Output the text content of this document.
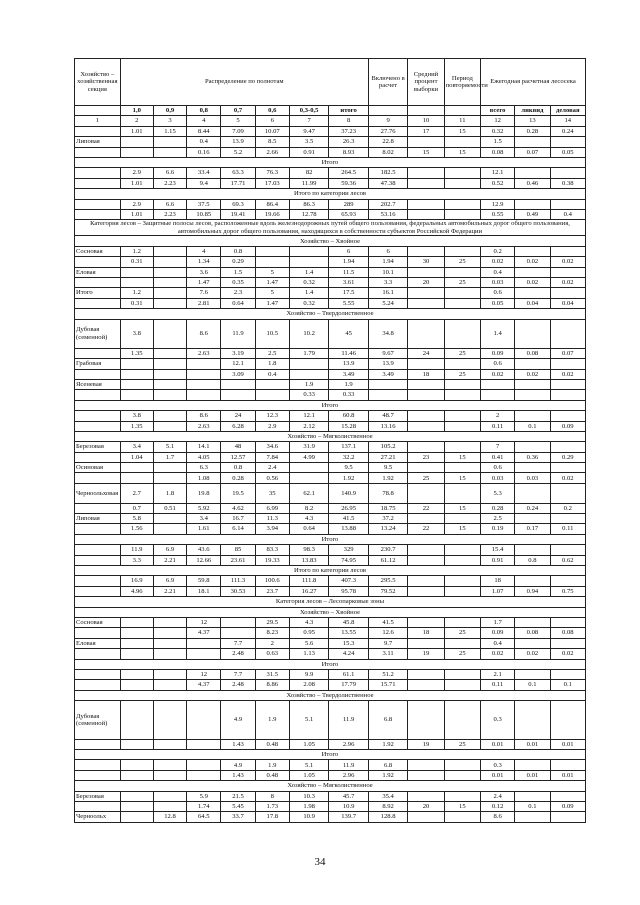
Хозяйство – хозяйственная секция	Распределение по полнотам							Включено в расчет	Средний процент выборки	Период повторяемости	Ежегодная расчетная лесосека		
	1,0	0,9	0,8	0,7	0,6	0,3-0,5	итого				всего	ликвид	деловая
1	2	3	4	5	6	7	8	9	10	11	12	13	14
	1.01	1.15	8.44	7.09	10.07	9.47	37.23	27.76	17	15	0.32	0.28	0.24
Липовая			0.4	13.9	8.5	3.5	26.3	22.8			1.5		
			0.16	5.2	2.66	0.91	8.93	8.02	15	15	0.08	0.07	0.05
Итого													
	2.9	6.6	33.4	63.3	76.3	82	264.5	182.5			12.1		
	1.01	2.23	9.4	17.71	17.03	11.99	59.36	47.38			0.52	0.46	0.38
Итого по категории лесов													
	2.9	6.6	37.5	69.3	86.4	86.3	289	202.7			12.9		
	1.01	2.23	10.85	19.41	19.66	12.78	65.93	53.16			0.55	0.49	0.4
Категория лесов – Защитные полосы лесов, расположенные вдоль железнодорожных путей общего пользования, федеральных автомобильных дорог общего пользования, автомобильных дорог общего пользования, находящихся в собственности субъектов Российской Федерации													
Хозяйство – Хвойное													
Сосновая	1.2		4	0.8			6	6			0.2		
	0.31		1.34	0.29			1.94	1.94	30	25	0.02	0.02	0.02
Еловая			3.6	1.5	5	1.4	11.5	10.1			0.4		
			1.47	0.35	1.47	0.32	3.61	3.3	20	25	0.03	0.02	0.02
Итого	1.2		7.6	2.3	5	1.4	17.5	16.1			0.6		
	0.31		2.81	0.64	1.47	0.32	5.55	5.24			0.05	0.04	0.04
Хозяйство – Твердолиственное													
Дубовая (семенной)	3.8		8.6	11.9	10.5	10.2	45	34.8			1.4		
	1.35		2.63	3.19	2.5	1.79	11.46	9.67	24	25	0.09	0.08	0.07
Грабовая				12.1	1.8		13.9	13.9			0.6		
				3.09	0.4		3.49	3.49	18	25	0.02	0.02	0.02
Ясеневая						1.9	1.9						
						0.33	0.33						
Итого													
	3.8		8.6	24	12.3	12.1	60.8	48.7			2		
	1.35		2.63	6.28	2.9	2.12	15.28	13.16			0.11	0.1	0.09
Хозяйство – Мягколиственное													
Березовая	3.4	5.1	14.1	48	34.6	31.9	137.1	105.2			7		
	1.04	1.7	4.05	12.57	7.84	4.99	32.2	27.21	23	15	0.41	0.36	0.29
Осиновая			6.3	0.8	2.4		9.5	9.5			0.6		
			1.08	0.28	0.56		1.92	1.92	25	15	0.03	0.03	0.02
Черноольховая	2.7	1.8	19.8	19.5	35	62.1	140.9	78.8			5.3		
	0.7	0.51	5.92	4.62	6.99	8.2	26.95	18.75	22	15	0.28	0.24	0.2
Липовая	5.8		3.4	16.7	11.3	4.3	41.5	37.2			2.5		
	1.56		1.61	6.14	3.94	0.64	13.88	13.24	22	15	0.19	0.17	0.11
Итого													
	11.9	6.9	43.6	85	83.3	98.3	329	230.7			15.4		
	3.3	2.21	12.66	23.61	19.33	13.83	74.95	61.12			0.91	0.8	0.62
Итого по категории лесов													
	16.9	6.9	59.8	111.3	100.6	111.8	407.3	295.5			18		
	4.96	2.21	18.1	30.53	23.7	16.27	95.78	79.52			1.07	0.94	0.75
Категория лесов – Лесопарковые зоны													
Хозяйство – Хвойное													
Сосновая			12		29.5	4.3	45.8	41.5			1.7		
			4.37		8.23	0.95	13.55	12.6	18	25	0.09	0.08	0.08
Еловая				7.7	2	5.6	15.3	9.7			0.4		
				2.48	0.63	1.13	4.24	3.11	19	25	0.02	0.02	0.02
Итого													
			12	7.7	31.5	9.9	61.1	51.2			2.1		
			4.37	2.48	8.86	2.08	17.79	15.71			0.11	0.1	0.1
Хозяйство – Твердолиственное													
Дубовая (семенной)				4.9	1.9	5.1	11.9	6.8			0.3		
				1.43	0.48	1.05	2.96	1.92	19	25	0.01	0.01	0.01
Итого													
				4.9	1.9	5.1	11.9	6.8			0.3		
				1.43	0.48	1.05	2.96	1.92			0.01	0.01	0.01
Хозяйство – Мягколиственное													
Березовая			5.9	21.5	8	10.3	45.7	35.4			2.4		
			1.74	5.45	1.73	1.98	10.9	8.92	20	15	0.12	0.1	0.09
Черноольх		12.8	64.5	33.7	17.8	10.9	139.7	128.8			8.6		
34
